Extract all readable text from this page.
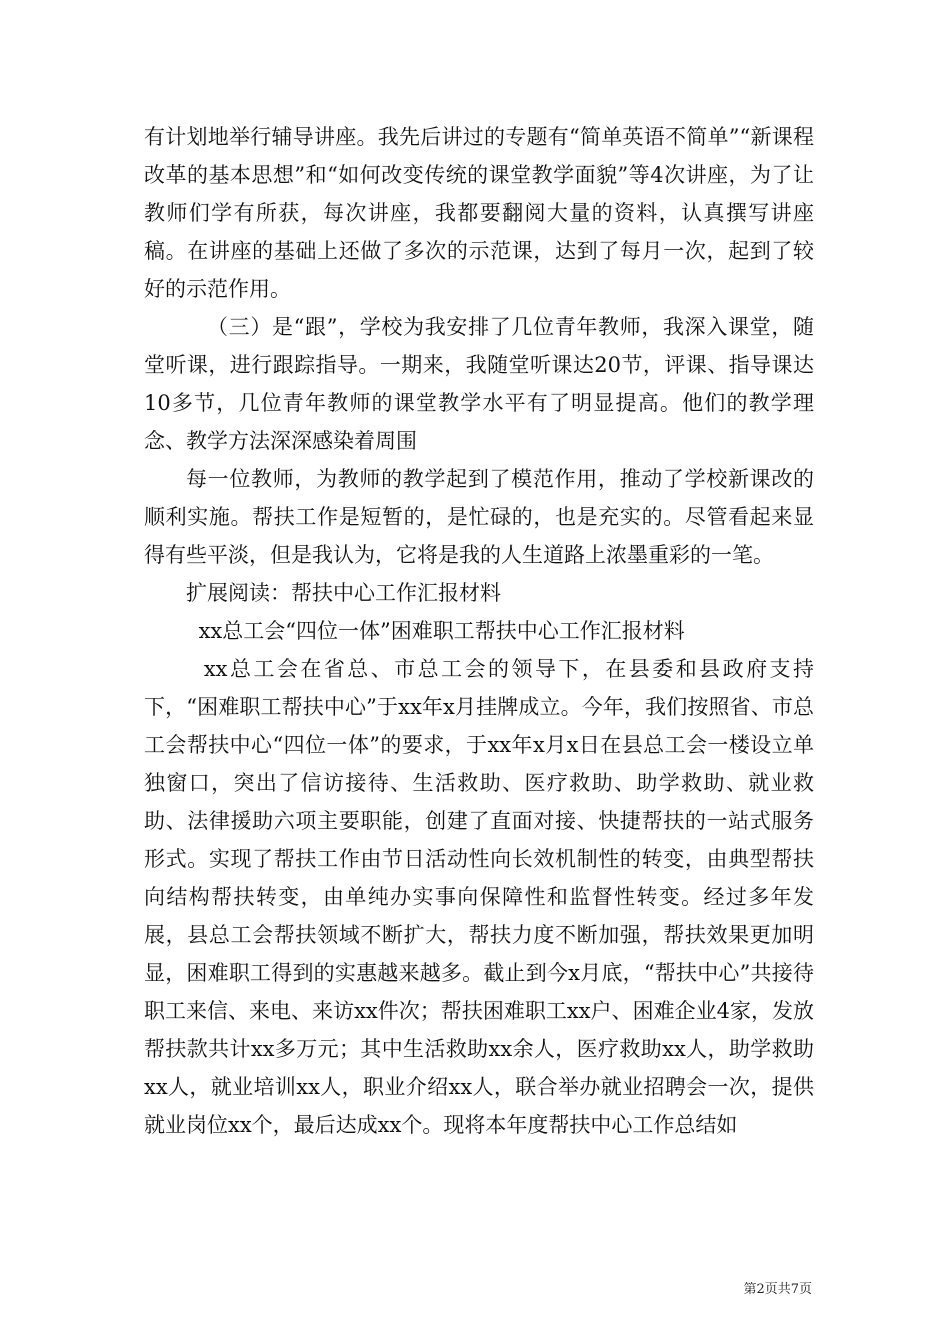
有计划地举行辅导讲座。我先后讲过的专题有“简单英语不简单”“新课程改革的基本思想”和“如何改变传统的课堂教学面貌”等4次讲座，为了让教师们学有所获，每次讲座，我都要翻阅大量的资料，认真撰写讲座稿。在讲座的基础上还做了多次的示范课，达到了每月一次，起到了较好的示范作用。

（三）是“跟”，学校为我安排了几位青年教师，我深入课堂，随堂听课，进行跟踪指导。一期来，我随堂听课达20节，评课、指导课达10多节，几位青年教师的课堂教学水平有了明显提高。他们的教学理念、教学方法深深感染着周围

每一位教师，为教师的教学起到了模范作用，推动了学校新课改的顺利实施。帮扶工作是短暂的，是忙碌的，也是充实的。尽管看起来显得有些平淡，但是我认为，它将是我的人生道路上浓墨重彩的一笔。

扩展阅读：帮扶中心工作汇报材料

xx总工会“四位一体”困难职工帮扶中心工作汇报材料

xx总工会在省总、市总工会的领导下，在县委和县政府支持下，“困难职工帮扶中心”于xx年x月挂牌成立。今年，我们按照省、市总工会帮扶中心“四位一体”的要求，于xx年x月x日在县总工会一楼设立单独窗口，突出了信访接待、生活救助、医疗救助、助学救助、就业救助、法律援助六项主要职能，创建了直面对接、快捷帮扶的一站式服务形式。实现了帮扶工作由节日活动性向长效机制性的转变，由典型帮扶向结构帮扶转变，由单纯办实事向保障性和监督性转变。经过多年发展，县总工会帮扶领域不断扩大，帮扶力度不断加强，帮扶效果更加明显，困难职工得到的实惠越来越多。截止到今x月底，“帮扶中心”共接待职工来信、来电、来访xx件次；帮扶困难职工xx户、困难企业4家，发放帮扶款共计xx多万元；其中生活救助xx余人，医疗救助xx人，助学救助xx人，就业培训xx人，职业介绍xx人，联合举办就业招聘会一次，提供就业岗位xx个，最后达成xx个。现将本年度帮扶中心工作总结如

第2页共7页
